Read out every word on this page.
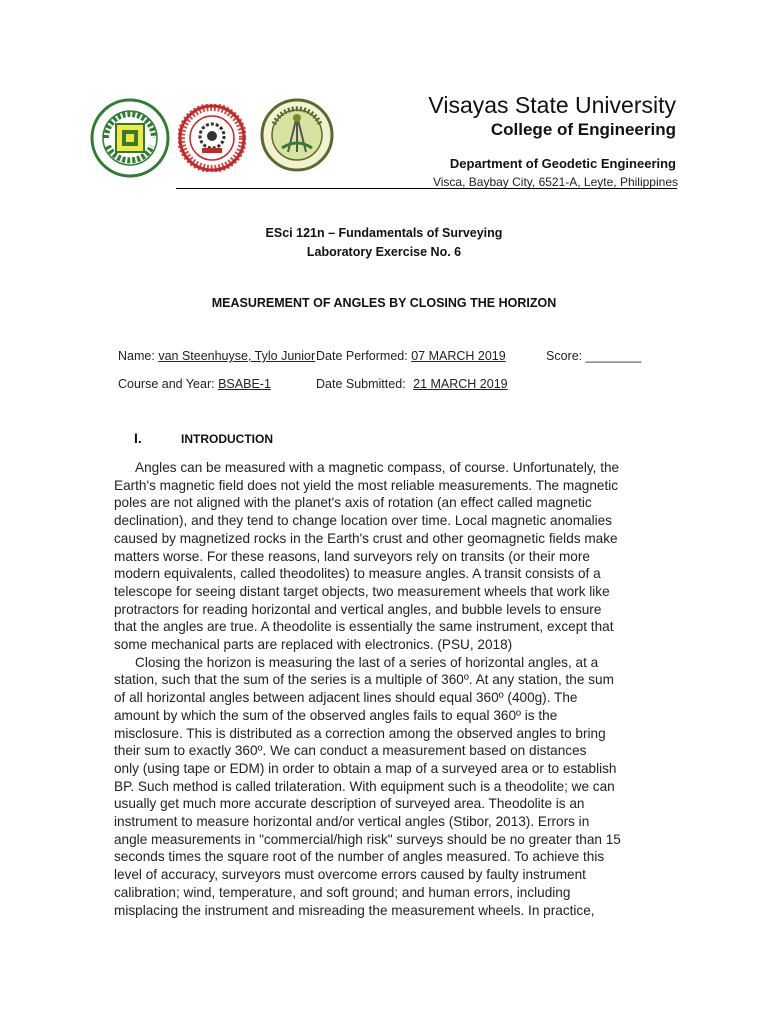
Visayas State University
College of Engineering
Department of Geodetic Engineering
Visca, Baybay City, 6521-A, Leyte, Philippines
ESci 121n – Fundamentals of Surveying
Laboratory Exercise No. 6
MEASUREMENT OF ANGLES BY CLOSING THE HORIZON
Name: van Steenhuyse, Tylo Junior Date Performed: 07 MARCH 2019	Score: ________
Course and Year: BSABE-1	Date Submitted: 21 MARCH 2019
I.	INTRODUCTION
Angles can be measured with a magnetic compass, of course. Unfortunately, the
Earth's magnetic field does not yield the most reliable measurements. The magnetic
poles are not aligned with the planet's axis of rotation (an effect called magnetic
declination), and they tend to change location over time. Local magnetic anomalies
caused by magnetized rocks in the Earth's crust and other geomagnetic fields make
matters worse. For these reasons, land surveyors rely on transits (or their more
modern equivalents, called theodolites) to measure angles. A transit consists of a
telescope for seeing distant target objects, two measurement wheels that work like
protractors for reading horizontal and vertical angles, and bubble levels to ensure
that the angles are true. A theodolite is essentially the same instrument, except that
some mechanical parts are replaced with electronics. (PSU, 2018)
Closing the horizon is measuring the last of a series of horizontal angles, at a
station, such that the sum of the series is a multiple of 360º. At any station, the sum
of all horizontal angles between adjacent lines should equal 360º (400g). The
amount by which the sum of the observed angles fails to equal 360º is the
misclosure. This is distributed as a correction among the observed angles to bring
their sum to exactly 360º. We can conduct a measurement based on distances
only (using tape or EDM) in order to obtain a map of a surveyed area or to establish
BP. Such method is called trilateration. With equipment such is a theodolite; we can
usually get much more accurate description of surveyed area. Theodolite is an
instrument to measure horizontal and/or vertical angles (Stibor, 2013). Errors in
angle measurements in "commercial/high risk" surveys should be no greater than 15
seconds times the square root of the number of angles measured. To achieve this
level of accuracy, surveyors must overcome errors caused by faulty instrument
calibration; wind, temperature, and soft ground; and human errors, including
misplacing the instrument and misreading the measurement wheels. In practice,
